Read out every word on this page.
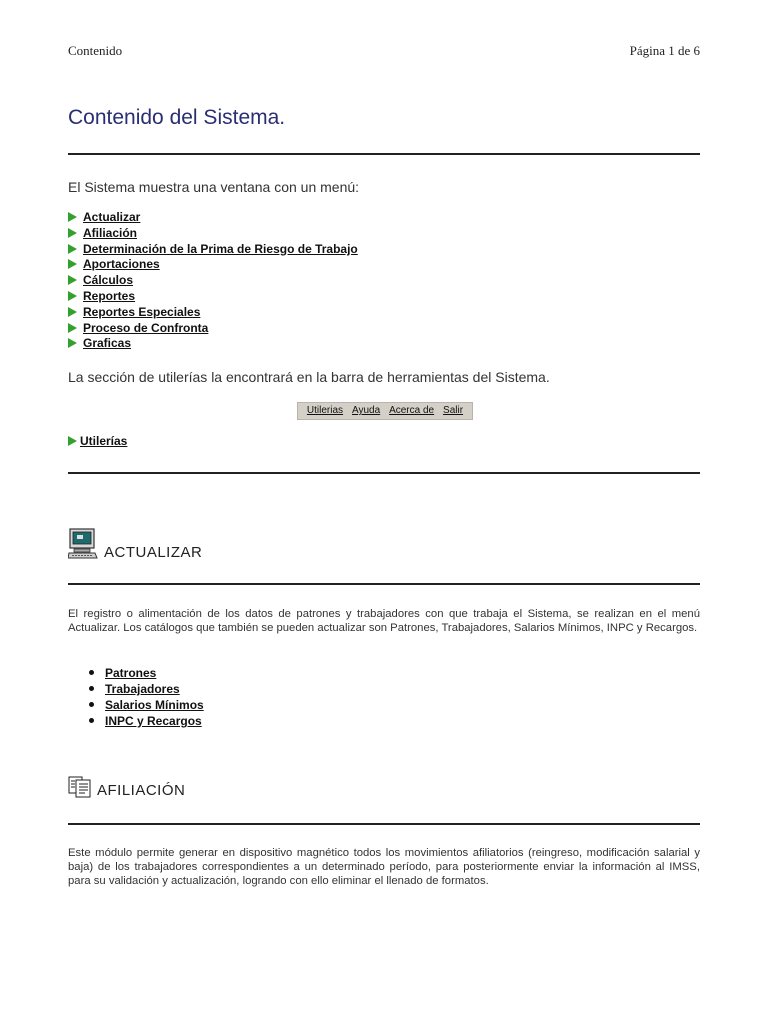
Contenido	Página 1 de 6
Contenido del Sistema.
El Sistema muestra una ventana con un menú:
Actualizar
Afiliación
Determinación de la Prima de Riesgo de Trabajo
Aportaciones
Cálculos
Reportes
Reportes Especiales
Proceso de Confronta
Graficas
La sección de utilerías la encontrará en la barra de herramientas del Sistema.
Utilerias Ayuda Acerca de Salir
Utilerías
ACTUALIZAR

El registro o alimentación de los datos de patrones y trabajadores con que trabaja el Sistema, se realizan en el menú Actualizar. Los catálogos que también se pueden actualizar son Patrones, Trabajadores, Salarios Mínimos, INPC y Recargos.

Patrones
Trabajadores
Salarios Mínimos
INPC y Recargos
AFILIACIÓN

Este módulo permite generar en dispositivo magnético todos los movimientos afiliatorios (reingreso, modificación salarial y baja) de los trabajadores correspondientes a un determinado período, para posteriormente enviar la información al IMSS, para su validación y actualización, logrando con ello eliminar el llenado de formatos.
